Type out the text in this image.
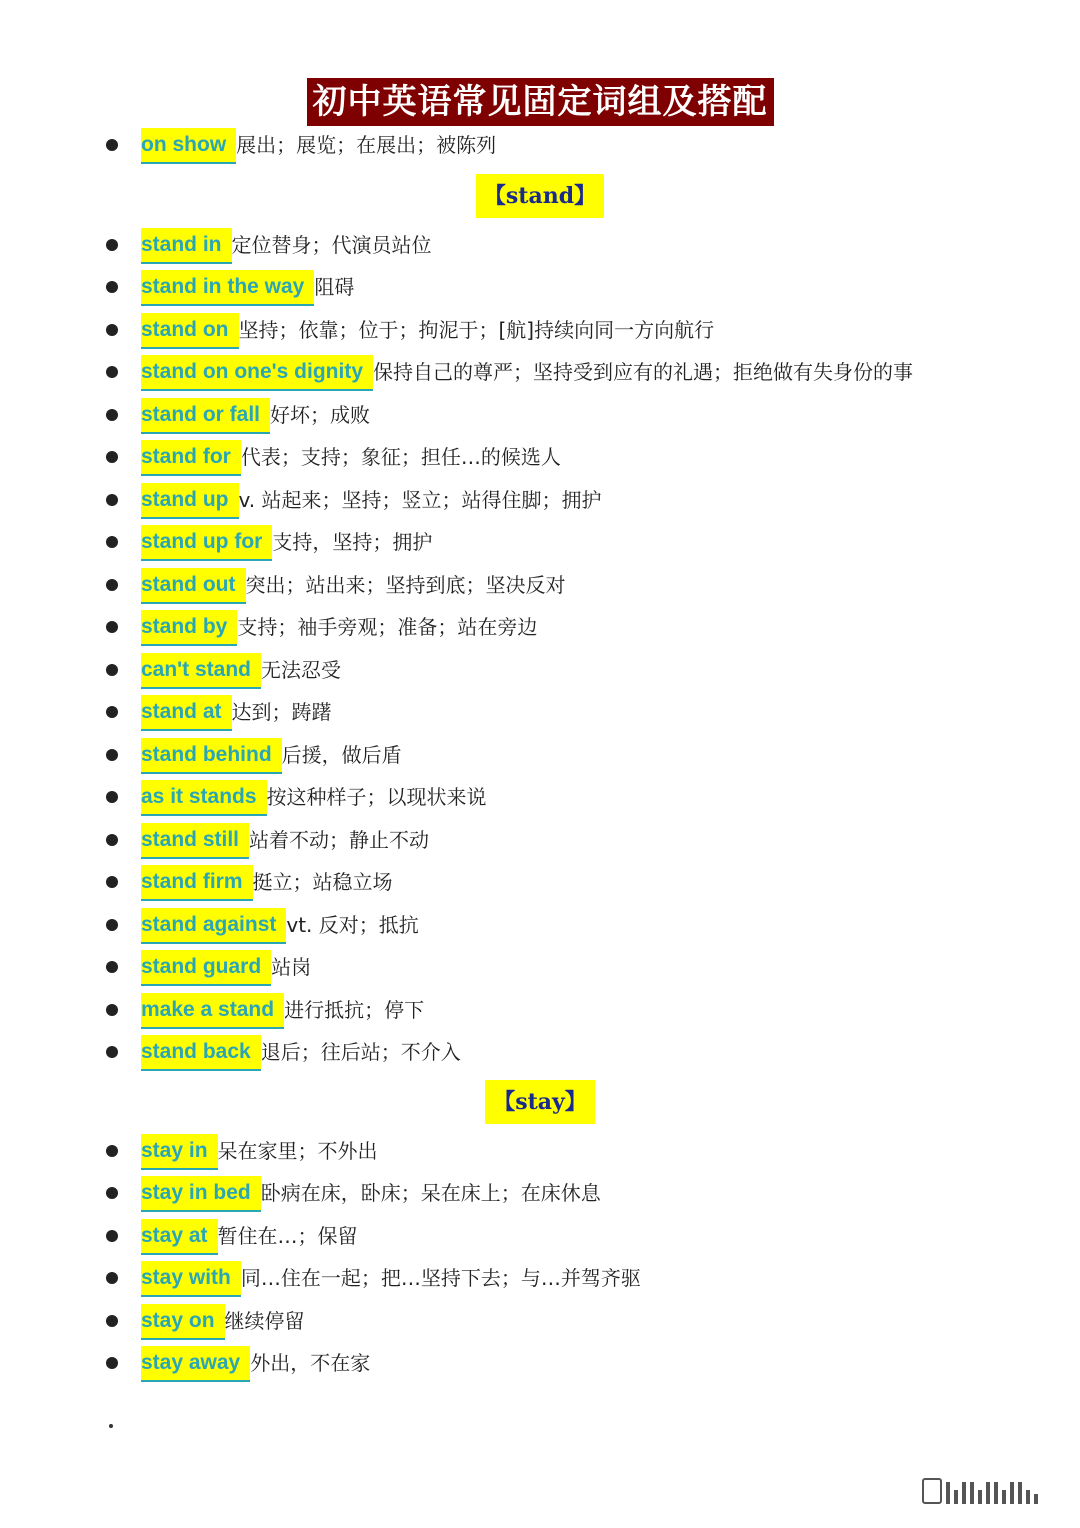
初中英语常见固定词组及搭配
on show 展出；展览；在展出；被陈列
【stand】
stand in 定位替身；代演员站位
stand in the way 阻碍
stand on 坚持；依靠；位于；拘泥于；[航]持续向同一方向航行
stand on one's dignity 保持自己的尊严；坚持受到应有的礼遇；拒绝做有失身份的事
stand or fall 好坏；成败
stand for 代表；支持；象征；担任…的候选人
stand up v. 站起来；坚持；竖立；站得住脚；拥护
stand up for 支持，坚持；拥护
stand out 突出；站出来；坚持到底；坚决反对
stand by 支持；袖手旁观；准备；站在旁边
can't stand 无法忍受
stand at 达到；踌躇
stand behind 后援，做后盾
as it stands 按这种样子；以现状来说
stand still 站着不动；静止不动
stand firm 挺立；站稳立场
stand against vt. 反对；抵抗
stand guard 站岗
make a stand 进行抵抗；停下
stand back 退后；往后站；不介入
【stay】
stay in 呆在家里；不外出
stay in bed 卧病在床，卧床；呆在床上；在床休息
stay at 暂住在…；保留
stay with 同…住在一起；把…坚持下去；与…并驾齐驱
stay on 继续停留
stay away 外出，不在家
